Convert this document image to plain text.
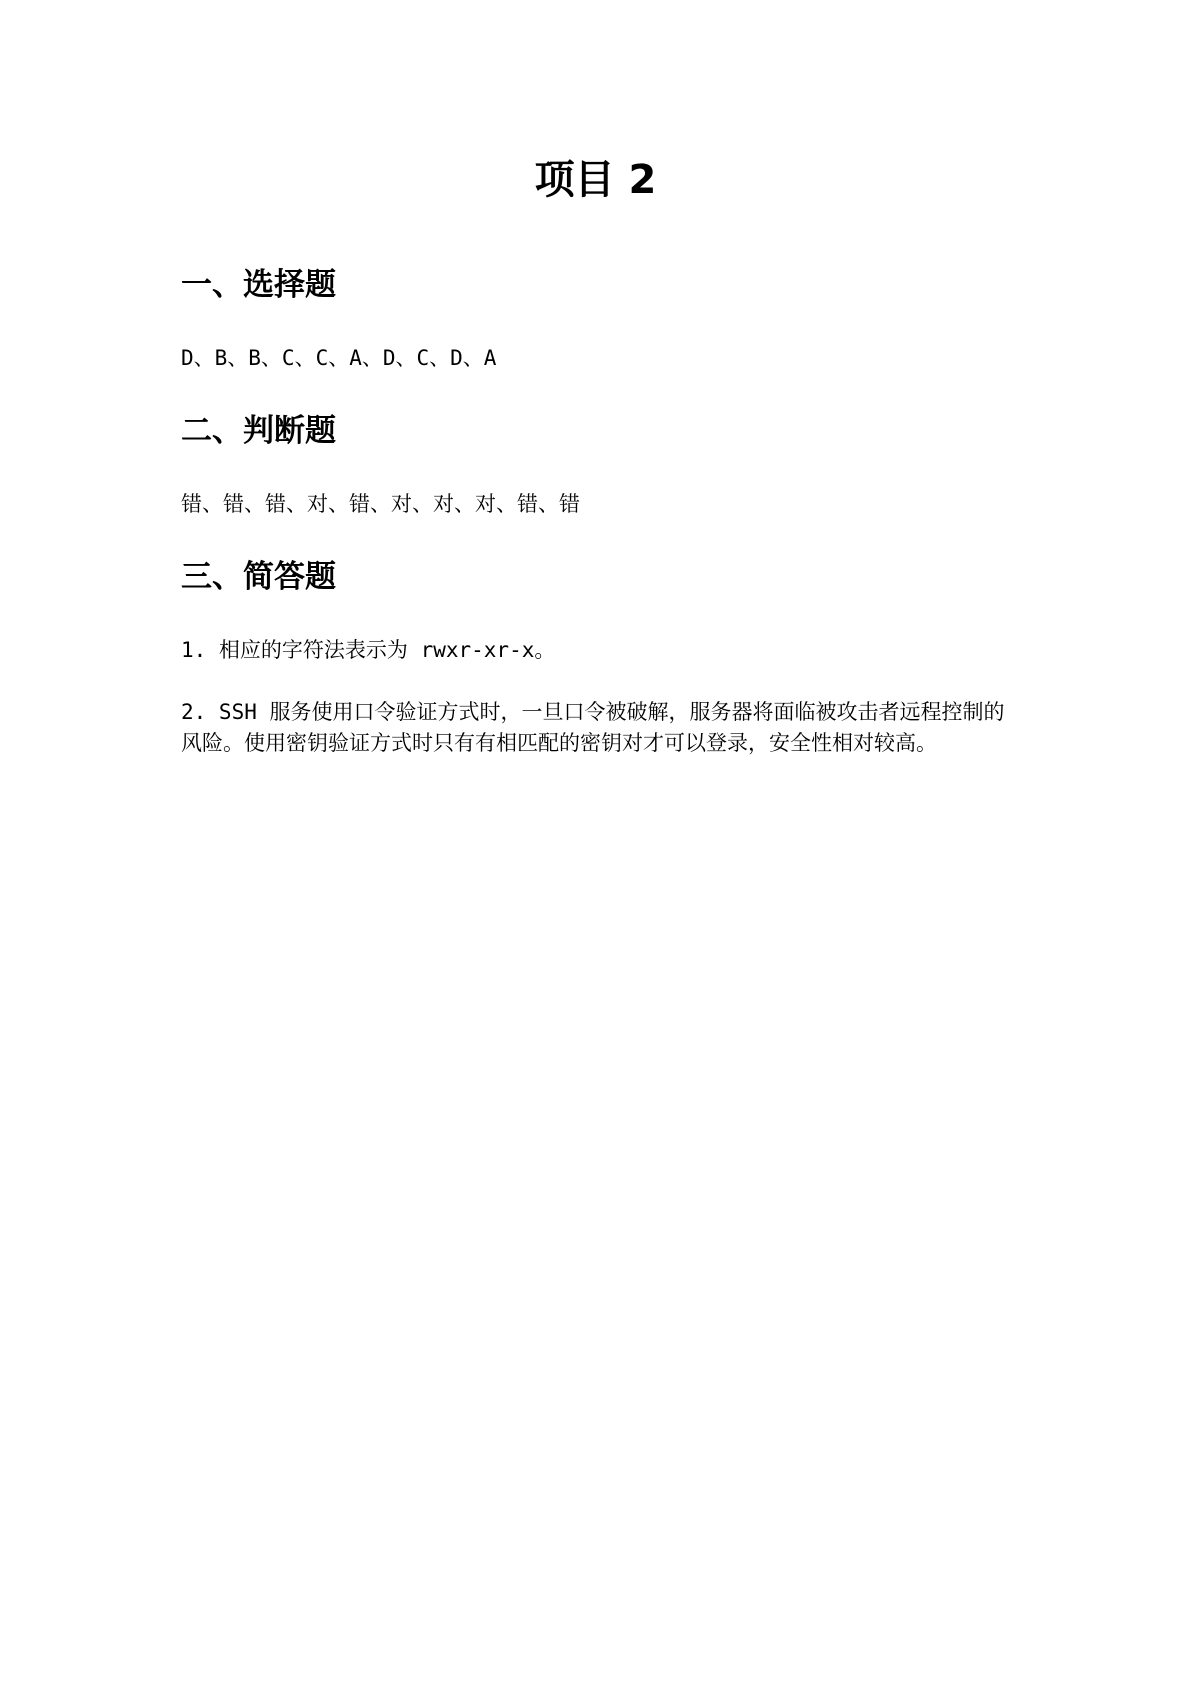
项目 2
一、选择题

D、B、B、C、C、A、D、C、D、A

二、判断题

错、错、错、对、错、对、对、对、错、错

三、简答题

1. 相应的字符法表示为 rwxr-xr-x。

2. SSH 服务使用口令验证方式时，一旦口令被破解，服务器将面临被攻击者远程控制的风险。使用密钥验证方式时只有有相匹配的密钥对才可以登录，安全性相对较高。
